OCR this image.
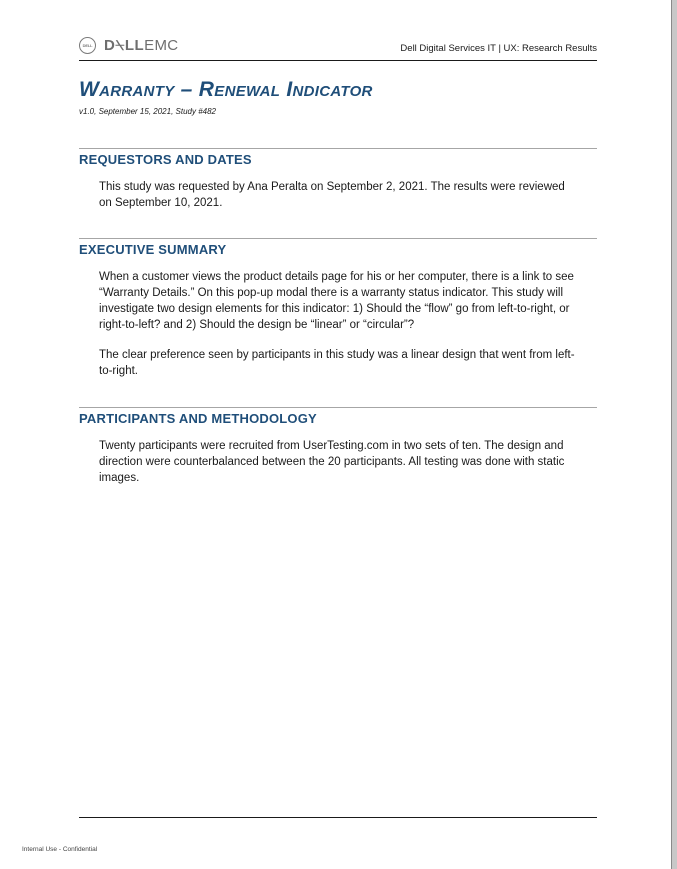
DELL D⍀LL EMC	Dell Digital Services IT | UX: Research Results
Warranty – Renewal Indicator
v1.0, September 15, 2021, Study #482
REQUESTORS AND DATES

This study was requested by Ana Peralta on September 2, 2021. The results were reviewed on September 10, 2021.

EXECUTIVE SUMMARY

When a customer views the product details page for his or her computer, there is a link to see “Warranty Details.” On this pop-up modal there is a warranty status indicator. This study will investigate two design elements for this indicator: 1) Should the “flow” go from left-to-right, or right-to-left? and 2) Should the design be “linear” or “circular”?

The clear preference seen by participants in this study was a linear design that went from left-to-right.

PARTICIPANTS AND METHODOLOGY

Twenty participants were recruited from UserTesting.com in two sets of ten. The design and direction were counterbalanced between the 20 participants. All testing was done with static images.

Internal Use - Confidential
